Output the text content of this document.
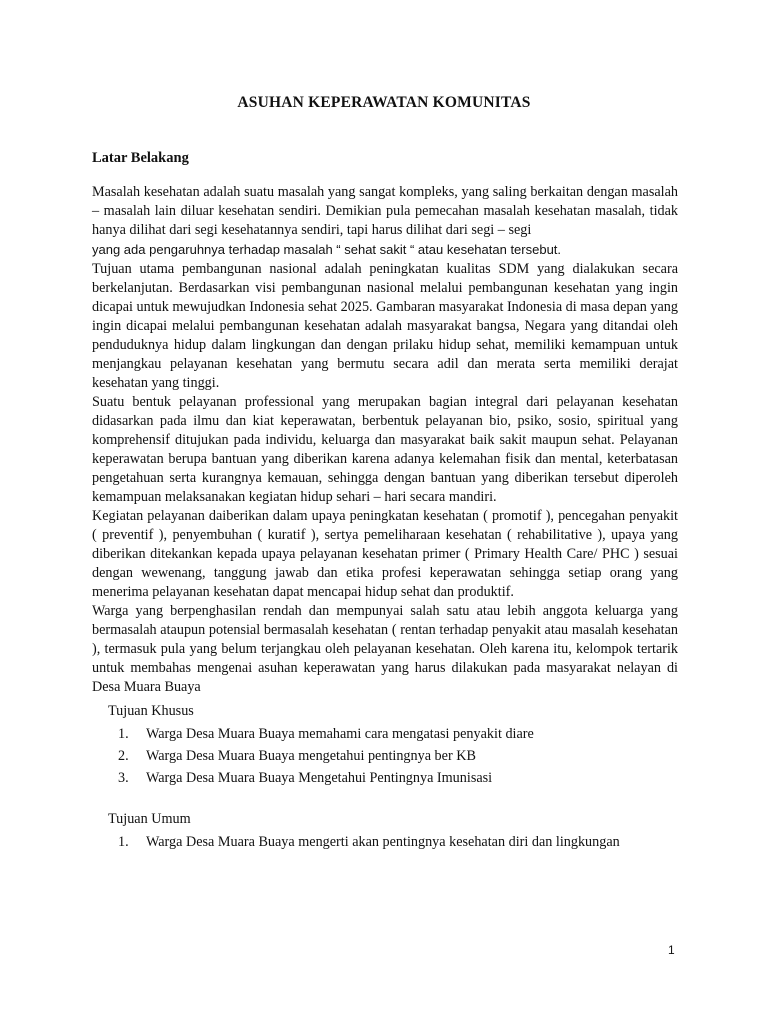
ASUHAN KEPERAWATAN KOMUNITAS
Latar Belakang

Masalah kesehatan adalah suatu masalah yang sangat kompleks, yang saling berkaitan dengan masalah – masalah lain diluar kesehatan sendiri. Demikian pula pemecahan masalah kesehatan masalah, tidak hanya dilihat dari segi kesehatannya sendiri, tapi harus dilihat dari segi – segi

yang ada pengaruhnya terhadap masalah “ sehat sakit “ atau kesehatan tersebut.

Tujuan utama pembangunan nasional adalah peningkatan kualitas SDM yang dialakukan secara berkelanjutan. Berdasarkan visi pembangunan nasional melalui pembangunan kesehatan yang ingin dicapai untuk mewujudkan Indonesia sehat 2025. Gambaran masyarakat Indonesia di masa depan yang ingin dicapai melalui pembangunan kesehatan adalah masyarakat bangsa, Negara yang ditandai oleh penduduknya hidup dalam lingkungan dan dengan prilaku hidup sehat, memiliki kemampuan untuk menjangkau pelayanan kesehatan yang bermutu secara adil dan merata serta memiliki derajat kesehatan yang tinggi.

Suatu bentuk pelayanan professional yang merupakan bagian integral dari pelayanan kesehatan didasarkan pada ilmu dan kiat keperawatan, berbentuk pelayanan bio, psiko, sosio, spiritual yang komprehensif ditujukan pada individu, keluarga dan masyarakat baik sakit maupun sehat. Pelayanan keperawatan berupa bantuan yang diberikan karena adanya kelemahan fisik dan mental, keterbatasan pengetahuan serta kurangnya kemauan, sehingga dengan bantuan yang diberikan tersebut diperoleh kemampuan melaksanakan kegiatan hidup sehari – hari secara mandiri.

Kegiatan pelayanan daiberikan dalam upaya peningkatan kesehatan ( promotif ), pencegahan penyakit ( preventif ), penyembuhan ( kuratif ), sertya pemeliharaan kesehatan ( rehabilitative ), upaya yang diberikan ditekankan kepada upaya pelayanan kesehatan primer ( Primary Health Care/ PHC ) sesuai dengan wewenang, tanggung jawab dan etika profesi keperawatan sehingga setiap orang yang menerima pelayanan kesehatan dapat mencapai hidup sehat dan produktif.

Warga yang berpenghasilan rendah dan mempunyai salah satu atau lebih anggota keluarga yang bermasalah ataupun potensial bermasalah kesehatan ( rentan terhadap penyakit atau masalah kesehatan ), termasuk pula yang belum terjangkau oleh pelayanan kesehatan. Oleh karena itu, kelompok tertarik untuk membahas mengenai asuhan keperawatan yang harus dilakukan pada masyarakat nelayan di Desa Muara Buaya

Tujuan Khusus

1.	Warga Desa Muara Buaya memahami cara mengatasi penyakit diare
2.	Warga Desa Muara Buaya mengetahui pentingnya ber KB
3.	Warga Desa Muara Buaya Mengetahui Pentingnya Imunisasi

Tujuan Umum

1.	Warga Desa Muara Buaya mengerti akan pentingnya kesehatan diri dan lingkungan

1
